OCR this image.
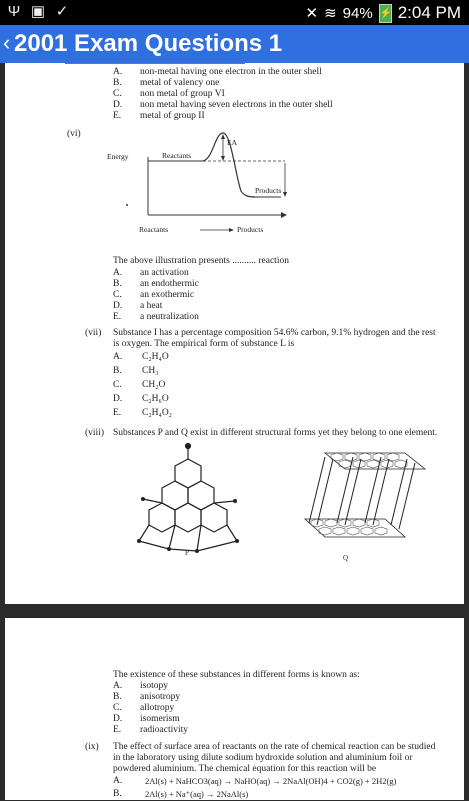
Ψ ▣ ✓	✕ ≋ 94% ⚡ 2:04 PM
‹ 2001 Exam Questions 1
A. non-metal having one electron in the outer shell
B. metal of valency one
C. non metal of group VI
D. non metal having seven electrons in the outer shell
E. metal of group II
(vi)
Energy	Reactants
EA
Products
Reactants	Products
The above illustration presents .......... reaction
A. an activation
B. an endothermic
C. an exothermic
D. a heat
E. a neutralization
(vii) Substance I has a percentage composition 54.6% carbon, 9.1% hydrogen and the rest
is oxygen. The empirical form of substance L is
A. C₂H₄O
B. CH₃
C. CH₂O
D. C₂H₆O
E. C₂H₄O₂
(viii) Substances P and Q exist in different structural forms yet they belong to one element.
P
Q
The existence of these substances in different forms is known as:
A. isotopy
B. anisotropy
C. allotropy
D. isomerism
E. radioactivity
(ix) The effect of surface area of reactants on the rate of chemical reaction can be studied
in the laboratory using dilute sodium hydroxide solution and aluminium foil or
powdered aluminium. The chemical equation for this reaction will be
A.	2Al(s) + NaHCO3(aq) → NaHO(aq) → 2NaAl(OH)4 + CO2(g) + 2H2(g)
B.	2Al(s) + Na⁺(aq) → 2NaAl(s)
